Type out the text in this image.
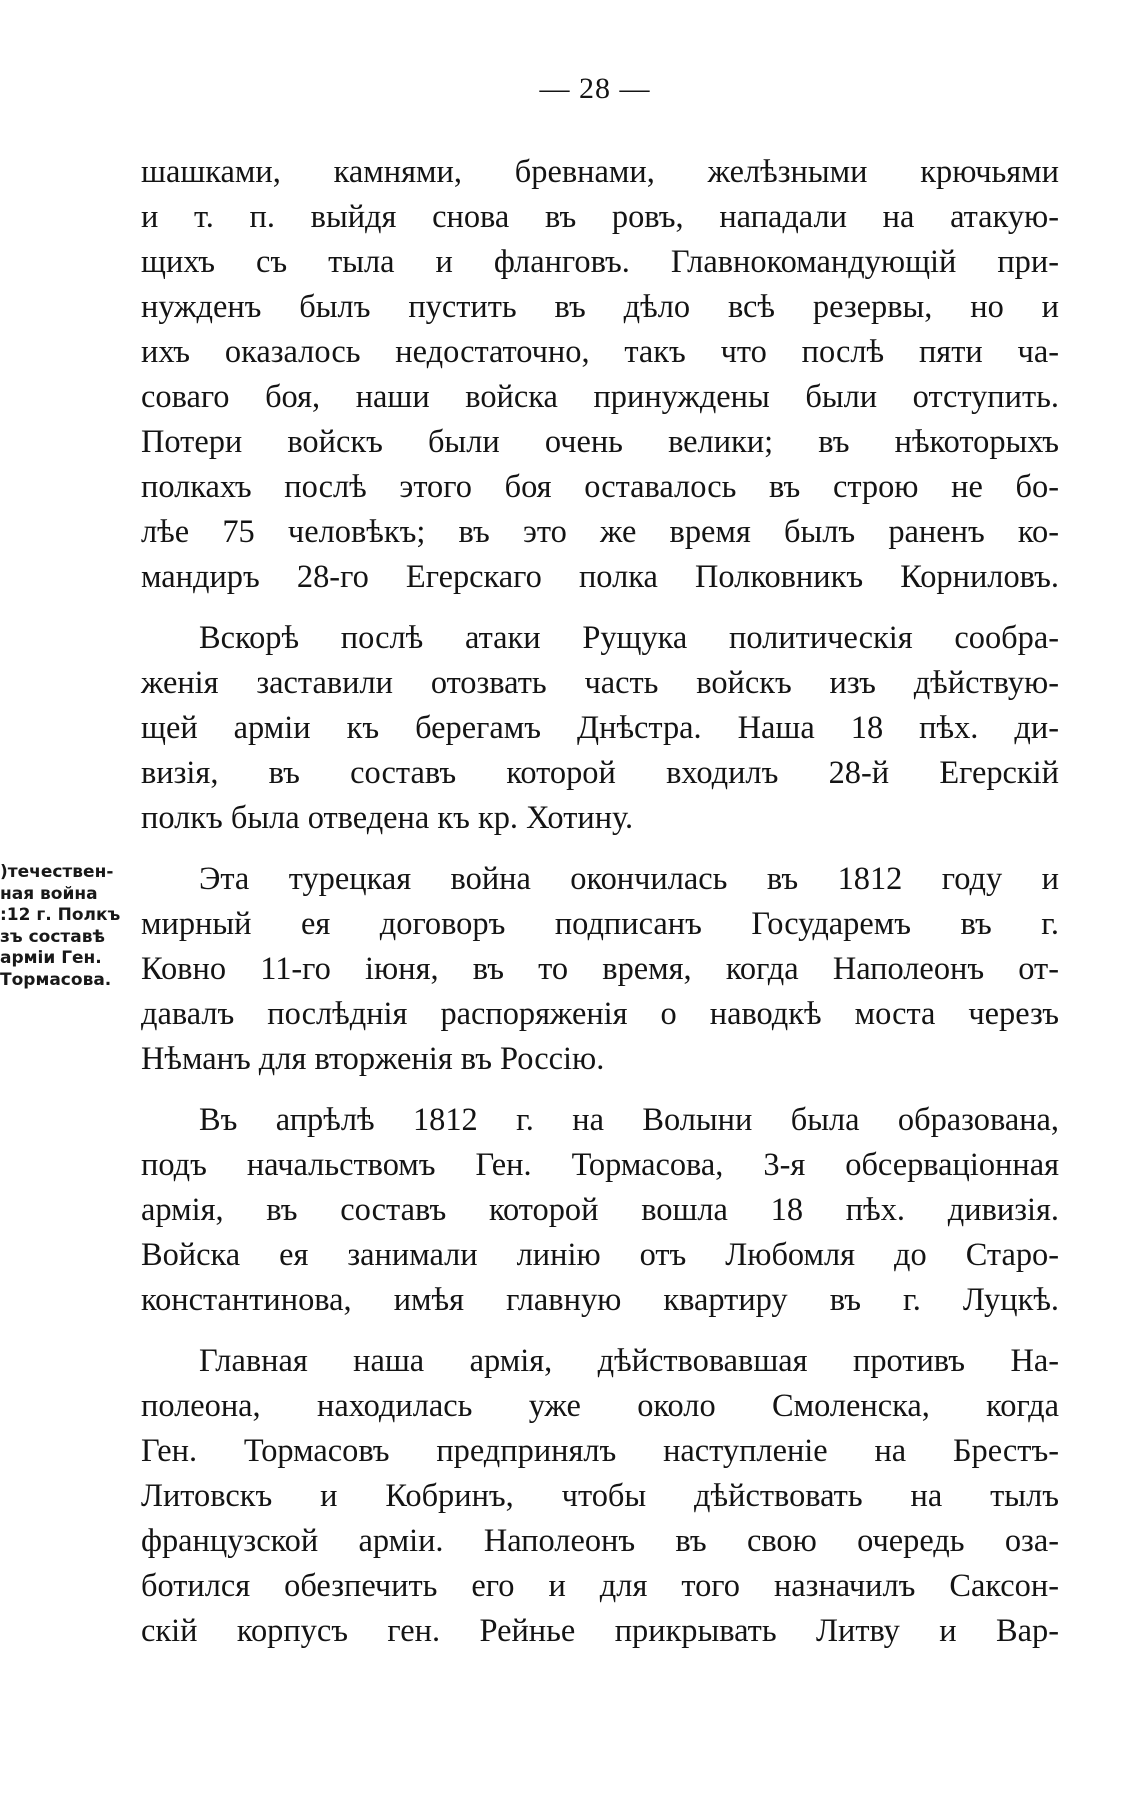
— 28 —
)течествен-
ная война
:12 г. Полкъ
зъ составѣ
арміи Ген.
Тормасова.

шашками, камнями, бревнами, желѣзными крючьями
и т. п. выйдя снова въ ровъ, нападали на атакую-
щихъ съ тыла и фланговъ. Главнокомандующій при-
нужденъ былъ пустить въ дѣло всѣ резервы, но и
ихъ оказалось недостаточно, такъ что послѣ пяти ча-
соваго боя, наши войска принуждены были отступить.
Потери войскъ были очень велики; въ нѣкоторыхъ
полкахъ послѣ этого боя оставалось въ строю не бо-
лѣе 75 человѣкъ; въ это же время былъ раненъ ко-
мандиръ 28-го Егерскаго полка Полковникъ Корниловъ.

Вскорѣ послѣ атаки Рущука политическія сообра-
женія заставили отозвать часть войскъ изъ дѣйствую-
щей арміи къ берегамъ Днѣстра. Наша 18 пѣх. ди-
визія, въ составъ которой входилъ 28-й Егерскій
полкъ была отведена къ кр. Хотину.

Эта турецкая война окончилась въ 1812 году и
мирный ея договоръ подписанъ Государемъ въ г.
Ковно 11-го іюня, въ то время, когда Наполеонъ от-
давалъ послѣднія распоряженія о наводкѣ моста черезъ
Нѣманъ для вторженія въ Россію.

Въ апрѣлѣ 1812 г. на Волыни была образована,
подъ начальствомъ Ген. Тормасова, 3-я обсерваціонная
армія, въ составъ которой вошла 18 пѣх. дивизія.
Войска ея занимали линію отъ Любомля до Старо-
константинова, имѣя главную квартиру въ г. Луцкѣ.

Главная наша армія, дѣйствовавшая противъ На-
полеона, находилась уже около Смоленска, когда
Ген. Тормасовъ предпринялъ наступленіе на Брестъ-
Литовскъ и Кобринъ, чтобы дѣйствовать на тылъ
французской арміи. Наполеонъ въ свою очередь оза-
ботился обезпечить его и для того назначилъ Саксон-
скій корпусъ ген. Рейнье прикрывать Литву и Вар-
